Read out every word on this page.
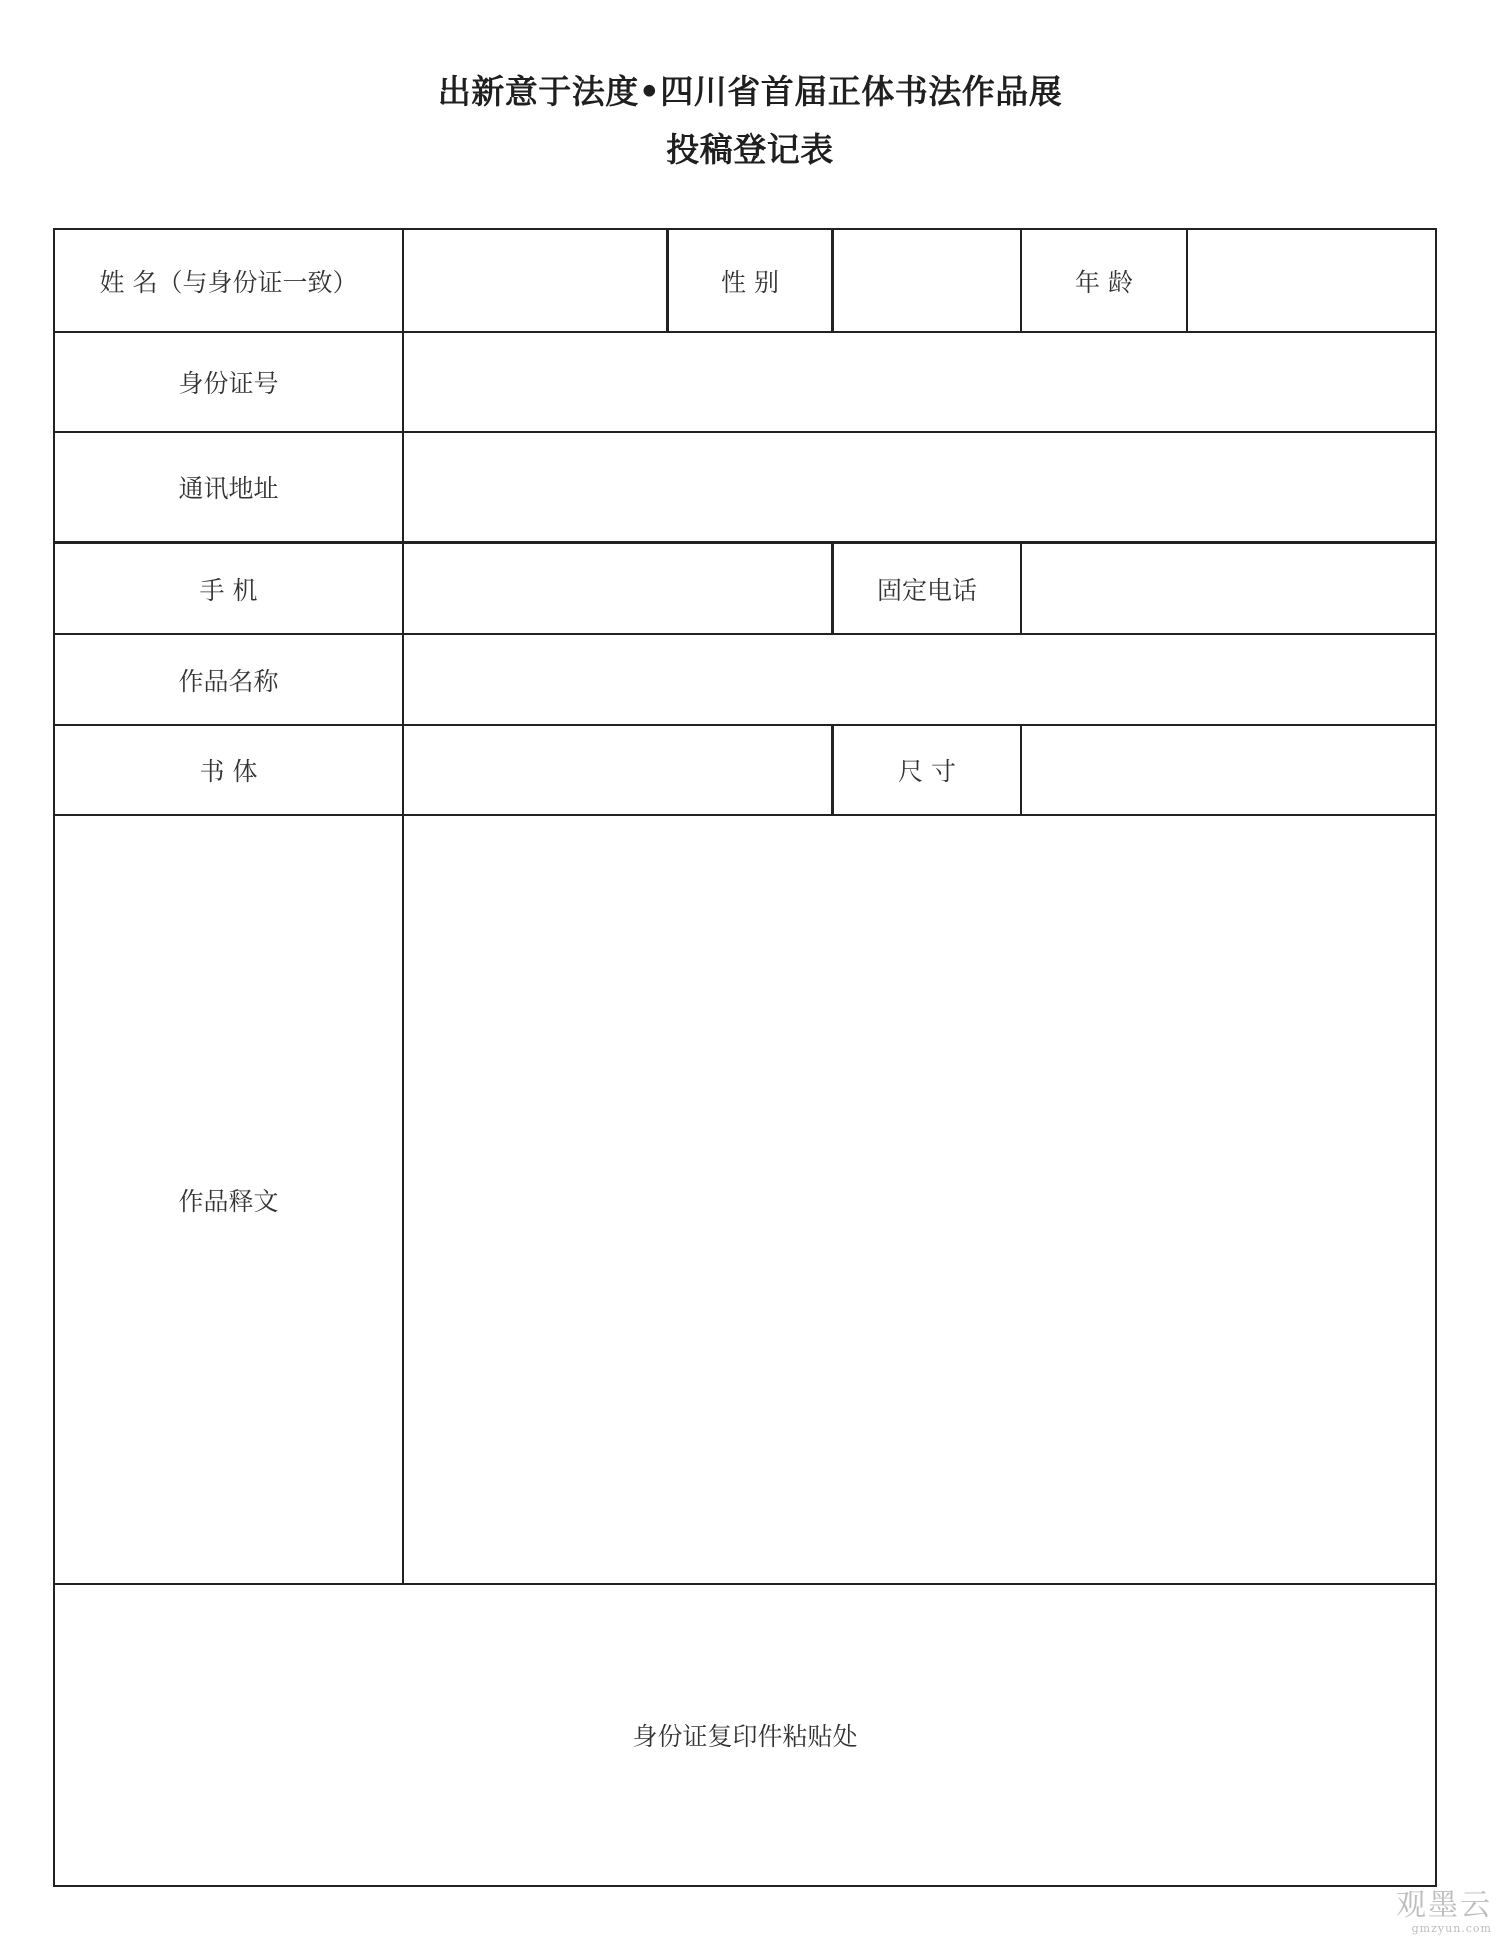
出新意于法度•四川省首届正体书法作品展
投稿登记表
姓 名（与身份证一致）	性 别	年 龄
身份证号
通讯地址
手 机	固定电话
作品名称
书 体	尺 寸
作品释文
身份证复印件粘贴处
观墨云
gmzyun.com
